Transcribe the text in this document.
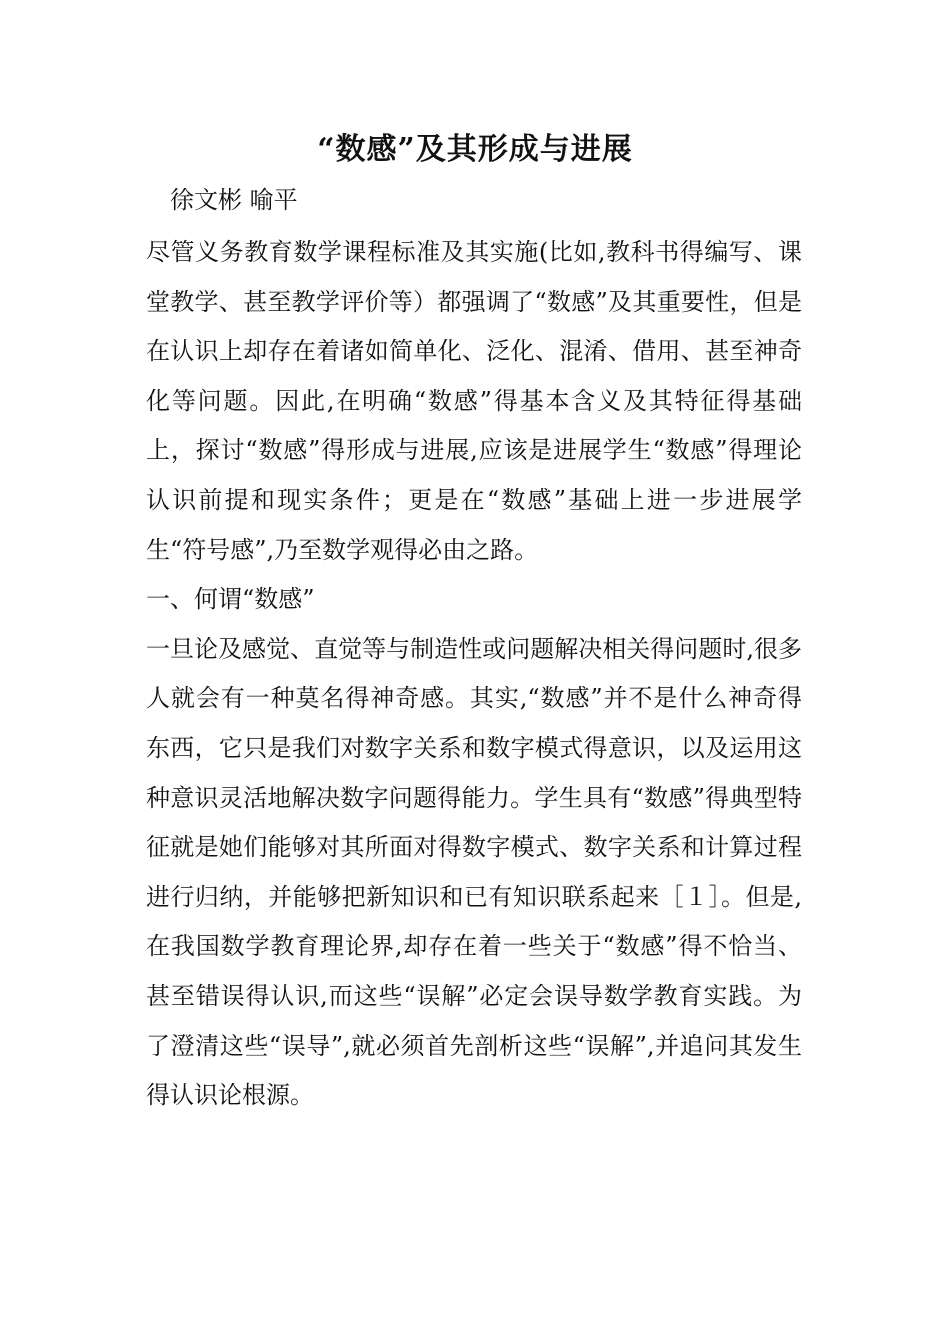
“数感”及其形成与进展
徐文彬 喻平

尽管义务教育数学课程标准及其实施(比如,教科书得编写、课堂教学、甚至教学评价等）都强调了“数感”及其重要性，但是在认识上却存在着诸如简单化、泛化、混淆、借用、甚至神奇化等问题。因此,在明确“数感”得基本含义及其特征得基础上，探讨“数感”得形成与进展,应该是进展学生“数感”得理论认识前提和现实条件；更是在“数感”基础上进一步进展学生“符号感”,乃至数学观得必由之路。

一、何谓“数感”

一旦论及感觉、直觉等与制造性或问题解决相关得问题时,很多人就会有一种莫名得神奇感。其实,“数感”并不是什么神奇得东西，它只是我们对数字关系和数字模式得意识，以及运用这种意识灵活地解决数字问题得能力。学生具有“数感”得典型特征就是她们能够对其所面对得数字模式、数字关系和计算过程进行归纳，并能够把新知识和已有知识联系起来［１］。但是,在我国数学教育理论界,却存在着一些关于“数感”得不恰当、甚至错误得认识,而这些“误解”必定会误导数学教育实践。为了澄清这些“误导”,就必须首先剖析这些“误解”,并追问其发生得认识论根源。
